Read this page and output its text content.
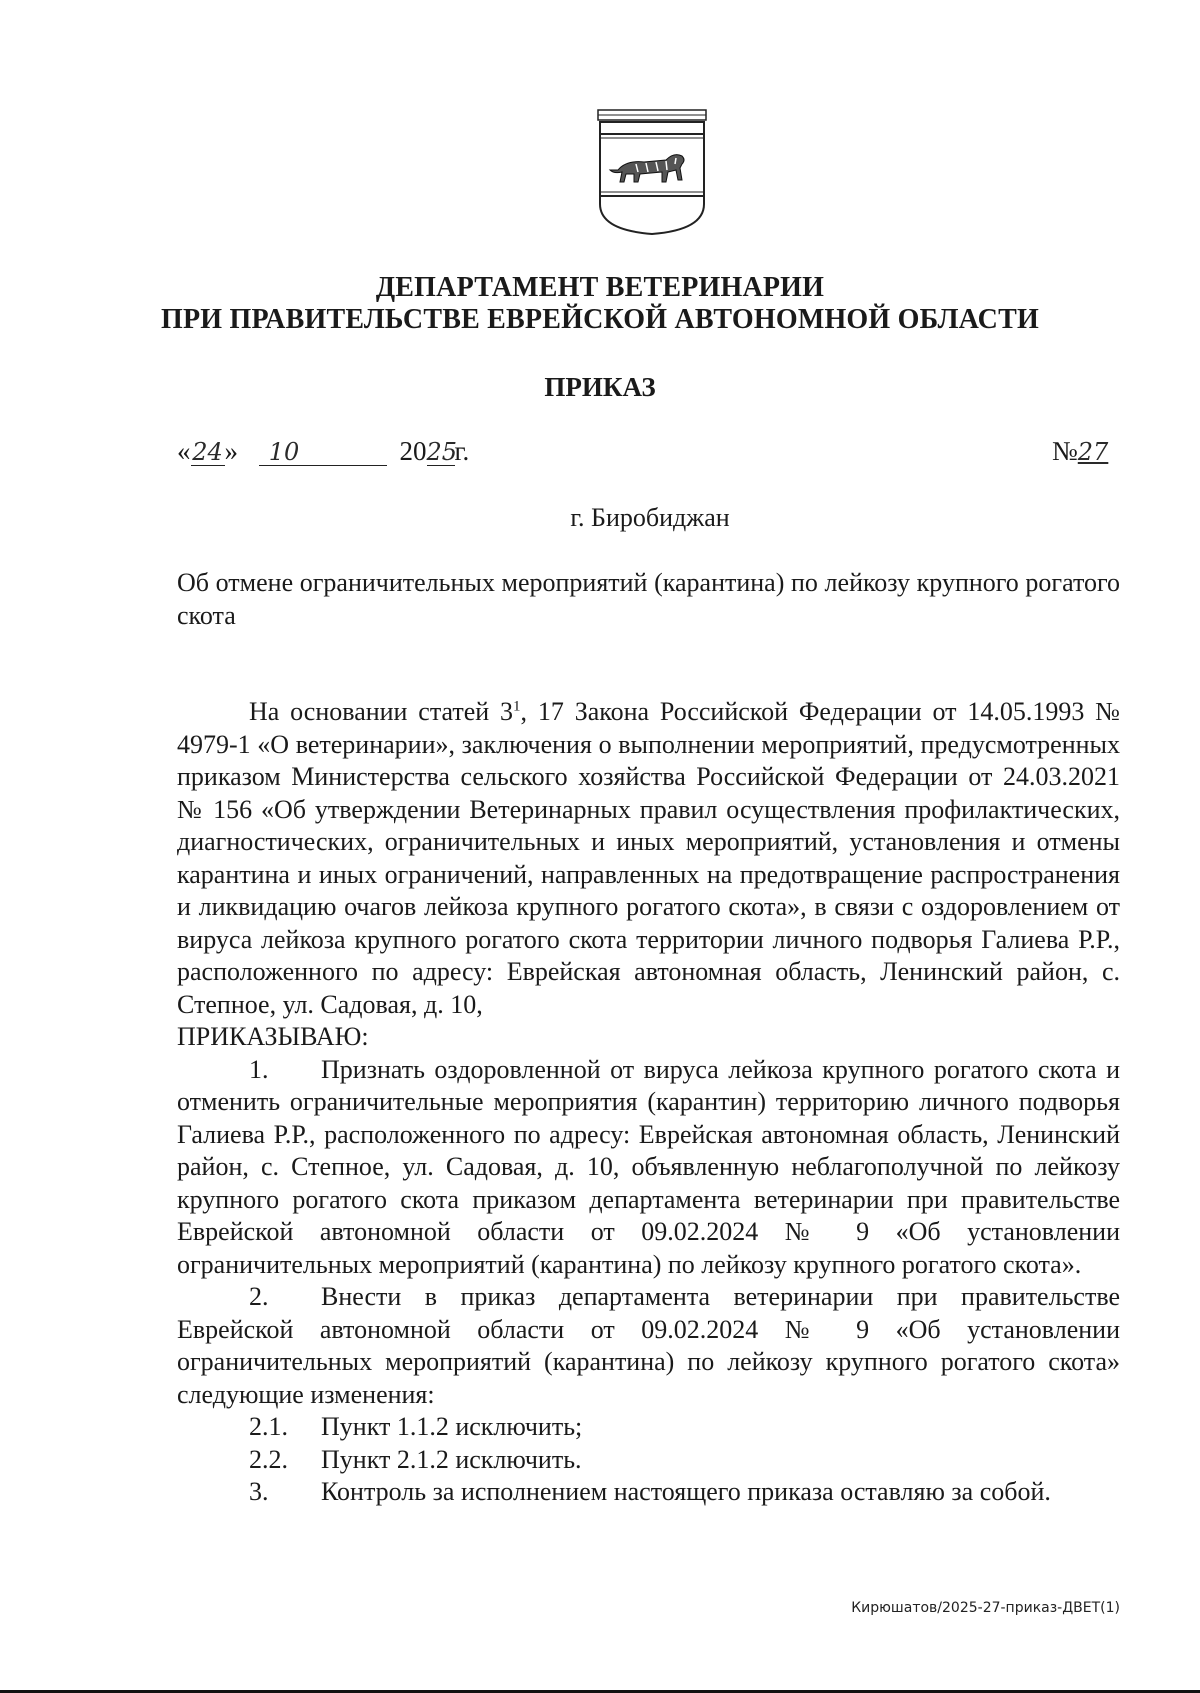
ДЕПАРТАМЕНТ ВЕТЕРИНАРИИ
ПРИ ПРАВИТЕЛЬСТВЕ ЕВРЕЙСКОЙ АВТОНОМНОЙ ОБЛАСТИ
ПРИКАЗ
«24» 10	2025г.	№27
г. Биробиджан
Об отмене ограничительных мероприятий (карантина) по лейкозу крупного рогатого скота

На основании статей $3^1$, 17 Закона Российской Федерации от 14.05.1993 № 4979-1 «О ветеринарии», заключения о выполнении мероприятий, предусмотренных приказом Министерства сельского хозяйства Российской Федерации от 24.03.2021 № 156 «Об утверждении Ветеринарных правил осуществления профилактических, диагностических, ограничительных и иных мероприятий, установления и отмены карантина и иных ограничений, направленных на предотвращение распространения и ликвидацию очагов лейкоза крупного рогатого скота», в связи с оздоровлением от вируса лейкоза крупного рогатого скота территории личного подворья Галиева Р.Р., расположенного по адресу: Еврейская автономная область, Ленинский район, с. Степное, ул. Садовая, д. 10,

ПРИКАЗЫВАЮ:

1. Признать оздоровленной от вируса лейкоза крупного рогатого скота и отменить ограничительные мероприятия (карантин) территорию личного подворья Галиева Р.Р., расположенного по адресу: Еврейская автономная область, Ленинский район, с. Степное, ул. Садовая, д. 10, объявленную неблагополучной по лейкозу крупного рогатого скота приказом департамента ветеринарии при правительстве Еврейской автономной области от 09.02.2024 № 9 «Об установлении ограничительных мероприятий (карантина) по лейкозу крупного рогатого скота».

2. Внести в приказ департамента ветеринарии при правительстве Еврейской автономной области от 09.02.2024 № 9 «Об установлении ограничительных мероприятий (карантина) по лейкозу крупного рогатого скота» следующие изменения:

2.1. Пункт 1.1.2 исключить;

2.2. Пункт 2.1.2 исключить.

3. Контроль за исполнением настоящего приказа оставляю за собой.

Кирюшатов/2025-27-приказ-ДВЕТ(1)
